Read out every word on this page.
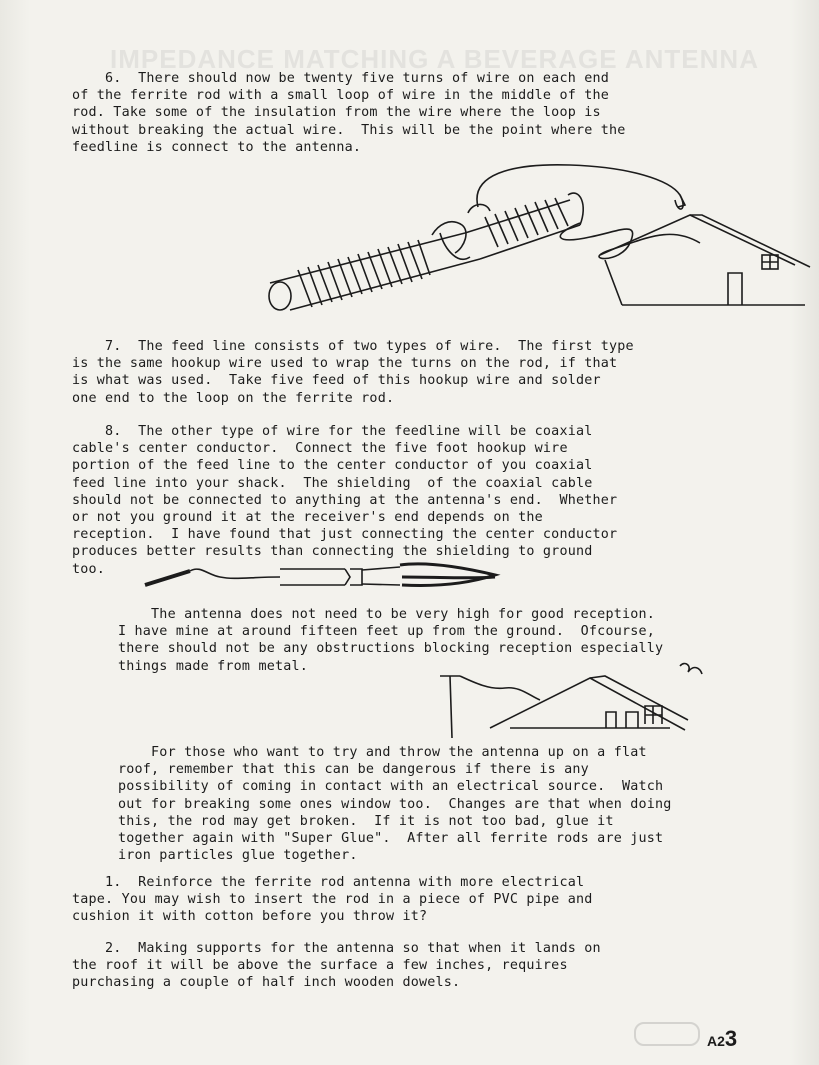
IMPEDANCE MATCHING A BEVERAGE ANTENNA
6.  There should now be twenty five turns of wire on each end
of the ferrite rod with a small loop of wire in the middle of the
rod. Take some of the insulation from the wire where the loop is
without breaking the actual wire.  This will be the point where the
feedline is connect to the antenna.
7.  The feed line consists of two types of wire.  The first type
is the same hookup wire used to wrap the turns on the rod, if that
is what was used.  Take five feed of this hookup wire and solder
one end to the loop on the ferrite rod.
8.  The other type of wire for the feedline will be coaxial
cable's center conductor.  Connect the five foot hookup wire
portion of the feed line to the center conductor of you coaxial
feed line into your shack.  The shielding  of the coaxial cable
should not be connected to anything at the antenna's end.  Whether
or not you ground it at the receiver's end depends on the
reception.  I have found that just connecting the center conductor
produces better results than connecting the shielding to ground
too.
The antenna does not need to be very high for good reception.
I have mine at around fifteen feet up from the ground.  Ofcourse,
there should not be any obstructions blocking reception especially
things made from metal.
For those who want to try and throw the antenna up on a flat
roof, remember that this can be dangerous if there is any
possibility of coming in contact with an electrical source.  Watch
out for breaking some ones window too.  Changes are that when doing
this, the rod may get broken.  If it is not too bad, glue it
together again with "Super Glue".  After all ferrite rods are just
iron particles glue together.
1.  Reinforce the ferrite rod antenna with more electrical
tape. You may wish to insert the rod in a piece of PVC pipe and
cushion it with cotton before you throw it?
2.  Making supports for the antenna so that when it lands on
the roof it will be above the surface a few inches, requires
purchasing a couple of half inch wooden dowels.
A23
